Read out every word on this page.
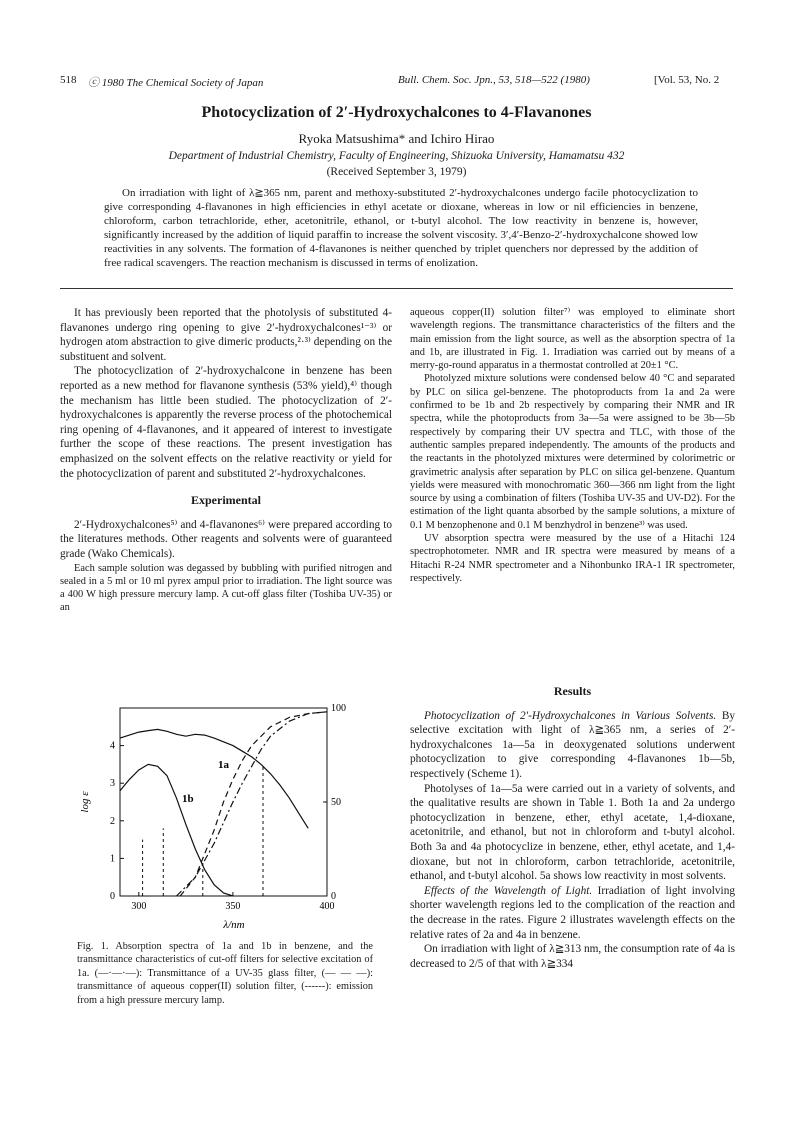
518 ⓒ 1980 The Chemical Society of Japan	Bull. Chem. Soc. Jpn., 53, 518—522 (1980)	[Vol. 53, No. 2
Photocyclization of 2′-Hydroxychalcones to 4-Flavanones
Ryoka Matsushima* and Ichiro Hirao
Department of Industrial Chemistry, Faculty of Engineering, Shizuoka University, Hamamatsu 432
(Received September 3, 1979)
On irradiation with light of λ≧365 nm, parent and methoxy-substituted 2′-hydroxychalcones undergo facile photocyclization to give corresponding 4-flavanones in high efficiencies in ethyl acetate or dioxane, whereas in low or nil efficiencies in benzene, chloroform, carbon tetrachloride, ether, acetonitrile, ethanol, or t-butyl alcohol. The low reactivity in benzene is, however, significantly increased by the addition of liquid paraffin to increase the solvent viscosity. 3′,4′-Benzo-2′-hydroxychalcone showed low reactivities in any solvents. The formation of 4-flavanones is neither quenched by triplet quenchers nor depressed by the addition of free radical scavengers. The reaction mechanism is discussed in terms of enolization.

It has previously been reported that the photolysis of substituted 4-flavanones undergo ring opening to give 2′-hydroxychalcones¹⁻³⁾ or hydrogen atom abstraction to give dimeric products,²·³⁾ depending on the substituent and solvent.

The photocyclization of 2′-hydroxychalcone in benzene has been reported as a new method for flavanone synthesis (53% yield),⁴⁾ though the mechanism has little been studied. The photocyclization of 2′-hydroxychalcones is apparently the reverse process of the photochemical ring opening of 4-flavanones, and it appeared of interest to investigate further the scope of these reactions. The present investigation has emphasized on the solvent effects on the relative reactivity or yield for the photocyclization of parent and substituted 2′-hydroxychalcones.

Experimental

2′-Hydroxychalcones⁵⁾ and 4-flavanones⁶⁾ were prepared according to the literatures methods. Other reagents and solvents were of guaranteed grade (Wako Chemicals).

Each sample solution was degassed by bubbling with purified nitrogen and sealed in a 5 ml or 10 ml pyrex ampul prior to irradiation. The light source was a 400 W high pressure mercury lamp. A cut-off glass filter (Toshiba UV-35) or an

300	350	400
0
1
2
3
4
0
50
100
λ/nm
log ε
1a
1b
Fig. 1. Absorption spectra of 1a and 1b in benzene, and the transmittance characteristics of cut-off filters for selective excitation of 1a. (—·—·—): Transmittance of a UV-35 glass filter, (— — —): transmittance of aqueous copper(II) solution filter, (------): emission from a high pressure mercury lamp.

aqueous copper(II) solution filter⁷⁾ was employed to eliminate short wavelength regions. The transmittance characteristics of the filters and the main emission from the light source, as well as the absorption spectra of 1a and 1b, are illustrated in Fig. 1. Irradiation was carried out by means of a merry-go-round apparatus in a thermostat controlled at 20±1 °C.

Photolyzed mixture solutions were condensed below 40 °C and separated by PLC on silica gel-benzene. The photoproducts from 1a and 2a were confirmed to be 1b and 2b respectively by comparing their NMR and IR spectra, while the photoproducts from 3a—5a were assigned to be 3b—5b respectively by comparing their UV spectra and TLC, with those of the authentic samples prepared independently. The amounts of the products and the reactants in the photolyzed mixtures were determined by colorimetric or gravimetric analysis after separation by PLC on silica gel-benzene. Quantum yields were measured with monochromatic 360—366 nm light from the light source by using a combination of filters (Toshiba UV-35 and UV-D2). For the estimation of the light quanta absorbed by the sample solutions, a mixture of 0.1 M benzophenone and 0.1 M benzhydrol in benzene³⁾ was used.

UV absorption spectra were measured by the use of a Hitachi 124 spectrophotometer. NMR and IR spectra were measured by means of a Hitachi R-24 NMR spectrometer and a Nihonbunko IRA-1 IR spectrometer, respectively.

Results

Photocyclization of 2′-Hydroxychalcones in Various Solvents. By selective excitation with light of λ≧365 nm, a series of 2′-hydroxychalcones 1a—5a in deoxygenated solutions underwent photocyclization to give corresponding 4-flavanones 1b—5b, respectively (Scheme 1).

Photolyses of 1a—5a were carried out in a variety of solvents, and the qualitative results are shown in Table 1. Both 1a and 2a undergo photocyclization in benzene, ether, ethyl acetate, 1,4-dioxane, acetonitrile, and ethanol, but not in chloroform and t-butyl alcohol. Both 3a and 4a photocyclize in benzene, ether, ethyl acetate, and 1,4-dioxane, but not in chloroform, carbon tetrachloride, acetonitrile, ethanol, and t-butyl alcohol. 5a shows low reactivity in most solvents.

Effects of the Wavelength of Light. Irradiation of light involving shorter wavelength regions led to the complication of the reaction and the decrease in the rates. Figure 2 illustrates wavelength effects on the relative rates of 2a and 4a in benzene.

On irradiation with light of λ≧313 nm, the consumption rate of 4a is decreased to 2/5 of that with λ≧334
